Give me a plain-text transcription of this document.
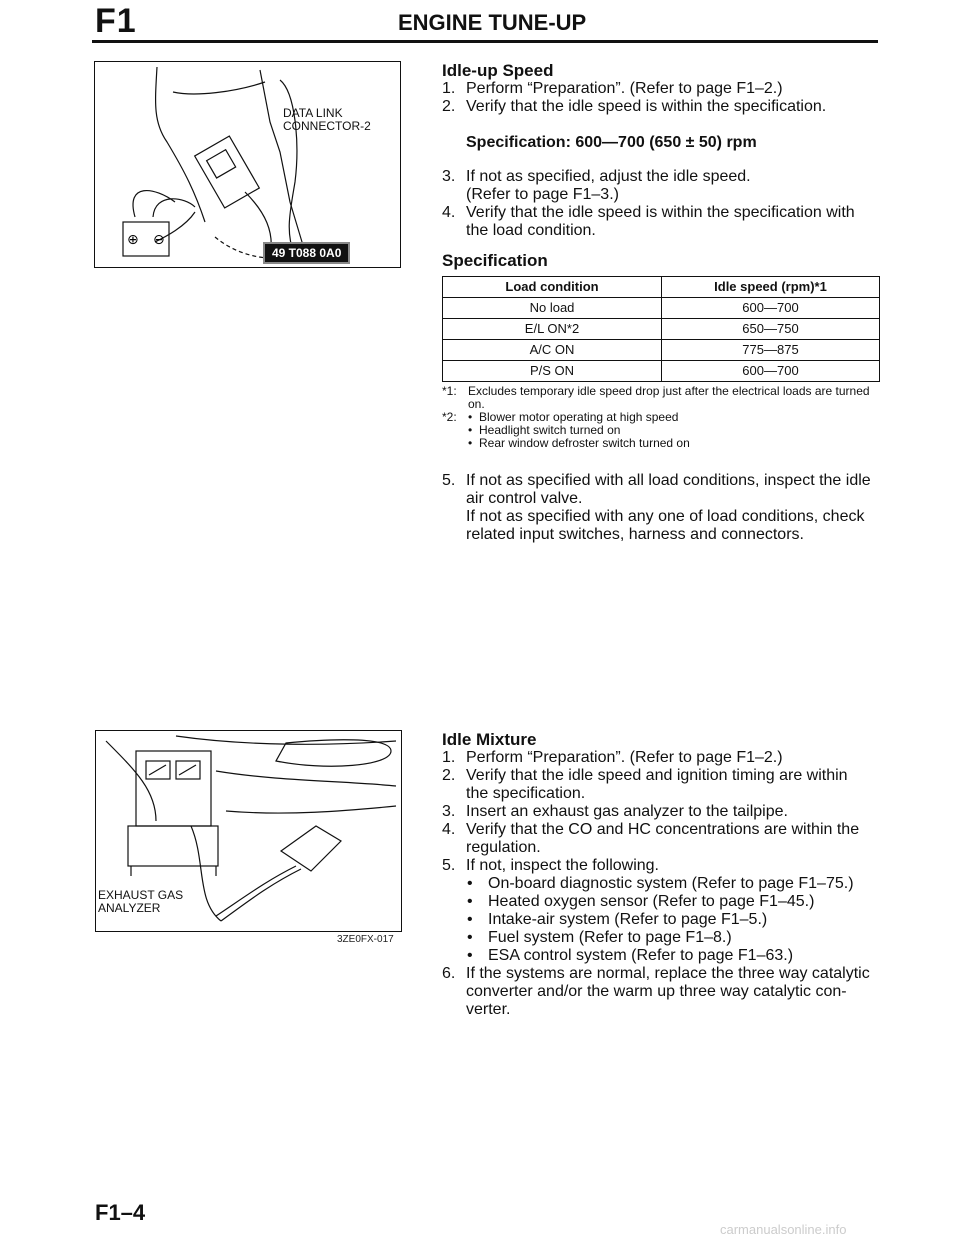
F1	ENGINE TUNE-UP
⊕ ⊖
DATA LINK
CONNECTOR-2
49 T088 0A0
Idle-up Speed
1. Perform “Preparation”. (Refer to page F1–2.)
2. Verify that the idle speed is within the specification.
Specification: 600—700 (650 ± 50) rpm
3. If not as specified, adjust the idle speed.
(Refer to page F1–3.)
4. Verify that the idle speed is within the specification with
the load condition.
Specification
Load condition	Idle speed (rpm)*1
No load	600—700
E/L ON*2	650—750
A/C ON	775—875
P/S ON	600—700
*1: Excludes temporary idle speed drop just after the electrical loads are turned on.
*2:	• Blower motor operating at high speed
• Headlight switch turned on
• Rear window defroster switch turned on
5. If not as specified with all load conditions, inspect the idle
air control valve.
If not as specified with any one of load conditions, check
related input switches, harness and connectors.
EXHAUST GAS
ANALYZER
3ZE0FX-017
Idle Mixture
1. Perform “Preparation”. (Refer to page F1–2.)
2. Verify that the idle speed and ignition timing are within
the specification.
3. Insert an exhaust gas analyzer to the tailpipe.
4. Verify that the CO and HC concentrations are within the
regulation.
5. If not, inspect the following.
• On-board diagnostic system (Refer to page F1–75.)
• Heated oxygen sensor (Refer to page F1–45.)
• Intake-air system (Refer to page F1–5.)
• Fuel system (Refer to page F1–8.)
• ESA control system (Refer to page F1–63.)
6. If the systems are normal, replace the three way catalytic
converter and/or the warm up three way catalytic con-
verter.
F1–4
carmanualsonline.info
